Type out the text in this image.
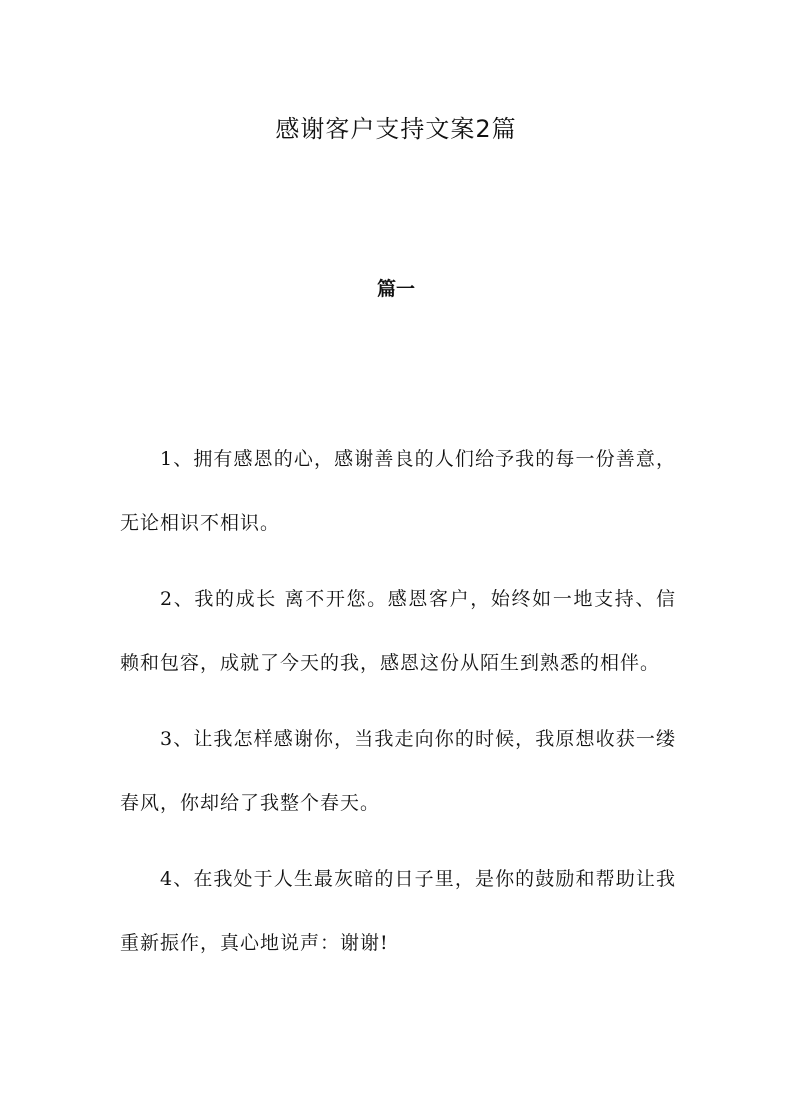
感谢客户支持文案2篇
篇一

1、拥有感恩的心，感谢善良的人们给予我的每一份善意，无论相识不相识。

2、我的成长 离不开您。感恩客户，始终如一地支持、信赖和包容，成就了今天的我，感恩这份从陌生到熟悉的相伴。

3、让我怎样感谢你，当我走向你的时候，我原想收获一缕春风，你却给了我整个春天。

4、在我处于人生最灰暗的日子里，是你的鼓励和帮助让我重新振作，真心地说声：谢谢!
